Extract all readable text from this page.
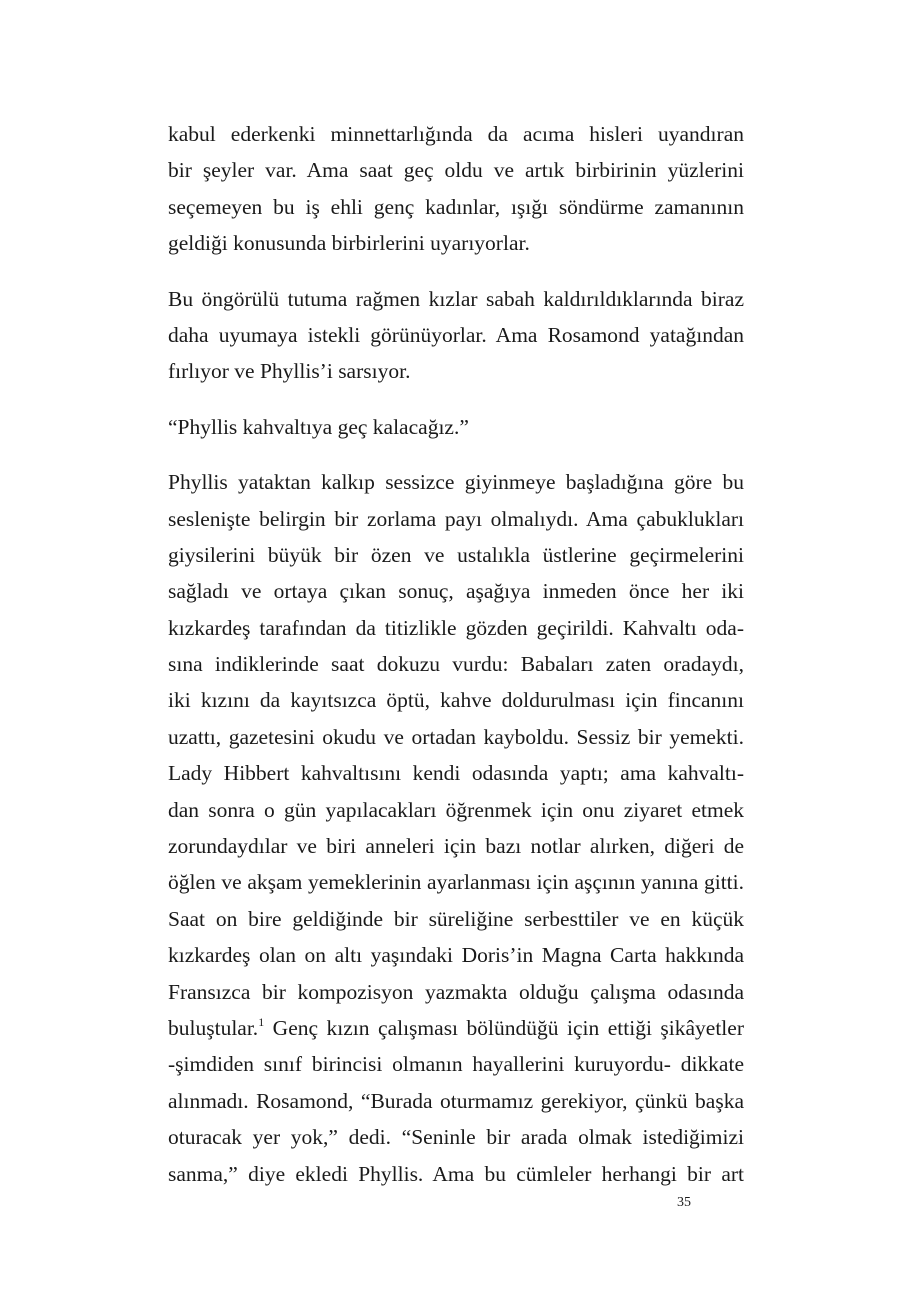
kabul ederkenki minnettarlığında da acıma hisleri uyandıran
bir şeyler var. Ama saat geç oldu ve artık birbirinin yüzlerini
seçemeyen bu iş ehli genç kadınlar, ışığı söndürme zamanının
geldiği konusunda birbirlerini uyarıyorlar.
Bu öngörülü tutuma rağmen kızlar sabah kaldırıldıklarında biraz
daha uyumaya istekli görünüyorlar. Ama Rosamond yatağından
fırlıyor ve Phyllis’i sarsıyor.
“Phyllis kahvaltıya geç kalacağız.”
Phyllis yataktan kalkıp sessizce giyinmeye başladığına göre bu
seslenişte belirgin bir zorlama payı olmalıydı. Ama çabuklukları
giysilerini büyük bir özen ve ustalıkla üstlerine geçirmelerini
sağladı ve ortaya çıkan sonuç, aşağıya inmeden önce her iki
kızkardeş tarafından da titizlikle gözden geçirildi. Kahvaltı oda-
sına indiklerinde saat dokuzu vurdu: Babaları zaten oradaydı,
iki kızını da kayıtsızca öptü, kahve doldurulması için fincanını
uzattı, gazetesini okudu ve ortadan kayboldu. Sessiz bir yemekti.
Lady Hibbert kahvaltısını kendi odasında yaptı; ama kahvaltı-
dan sonra o gün yapılacakları öğrenmek için onu ziyaret etmek
zorundaydılar ve biri anneleri için bazı notlar alırken, diğeri de
öğlen ve akşam yemeklerinin ayarlanması için aşçının yanına gitti.
Saat on bire geldiğinde bir süreliğine serbesttiler ve en küçük
kızkardeş olan on altı yaşındaki Doris’in Magna Carta hakkında
Fransızca bir kompozisyon yazmakta olduğu çalışma odasında
buluştular.$^1$ Genç kızın çalışması bölündüğü için ettiği şikâyetler
-şimdiden sınıf birincisi olmanın hayallerini kuruyordu- dikkate
alınmadı. Rosamond, “Burada oturmamız gerekiyor, çünkü başka
oturacak yer yok,” dedi. “Seninle bir arada olmak istediğimizi
sanma,” diye ekledi Phyllis. Ama bu cümleler herhangi bir art
35
